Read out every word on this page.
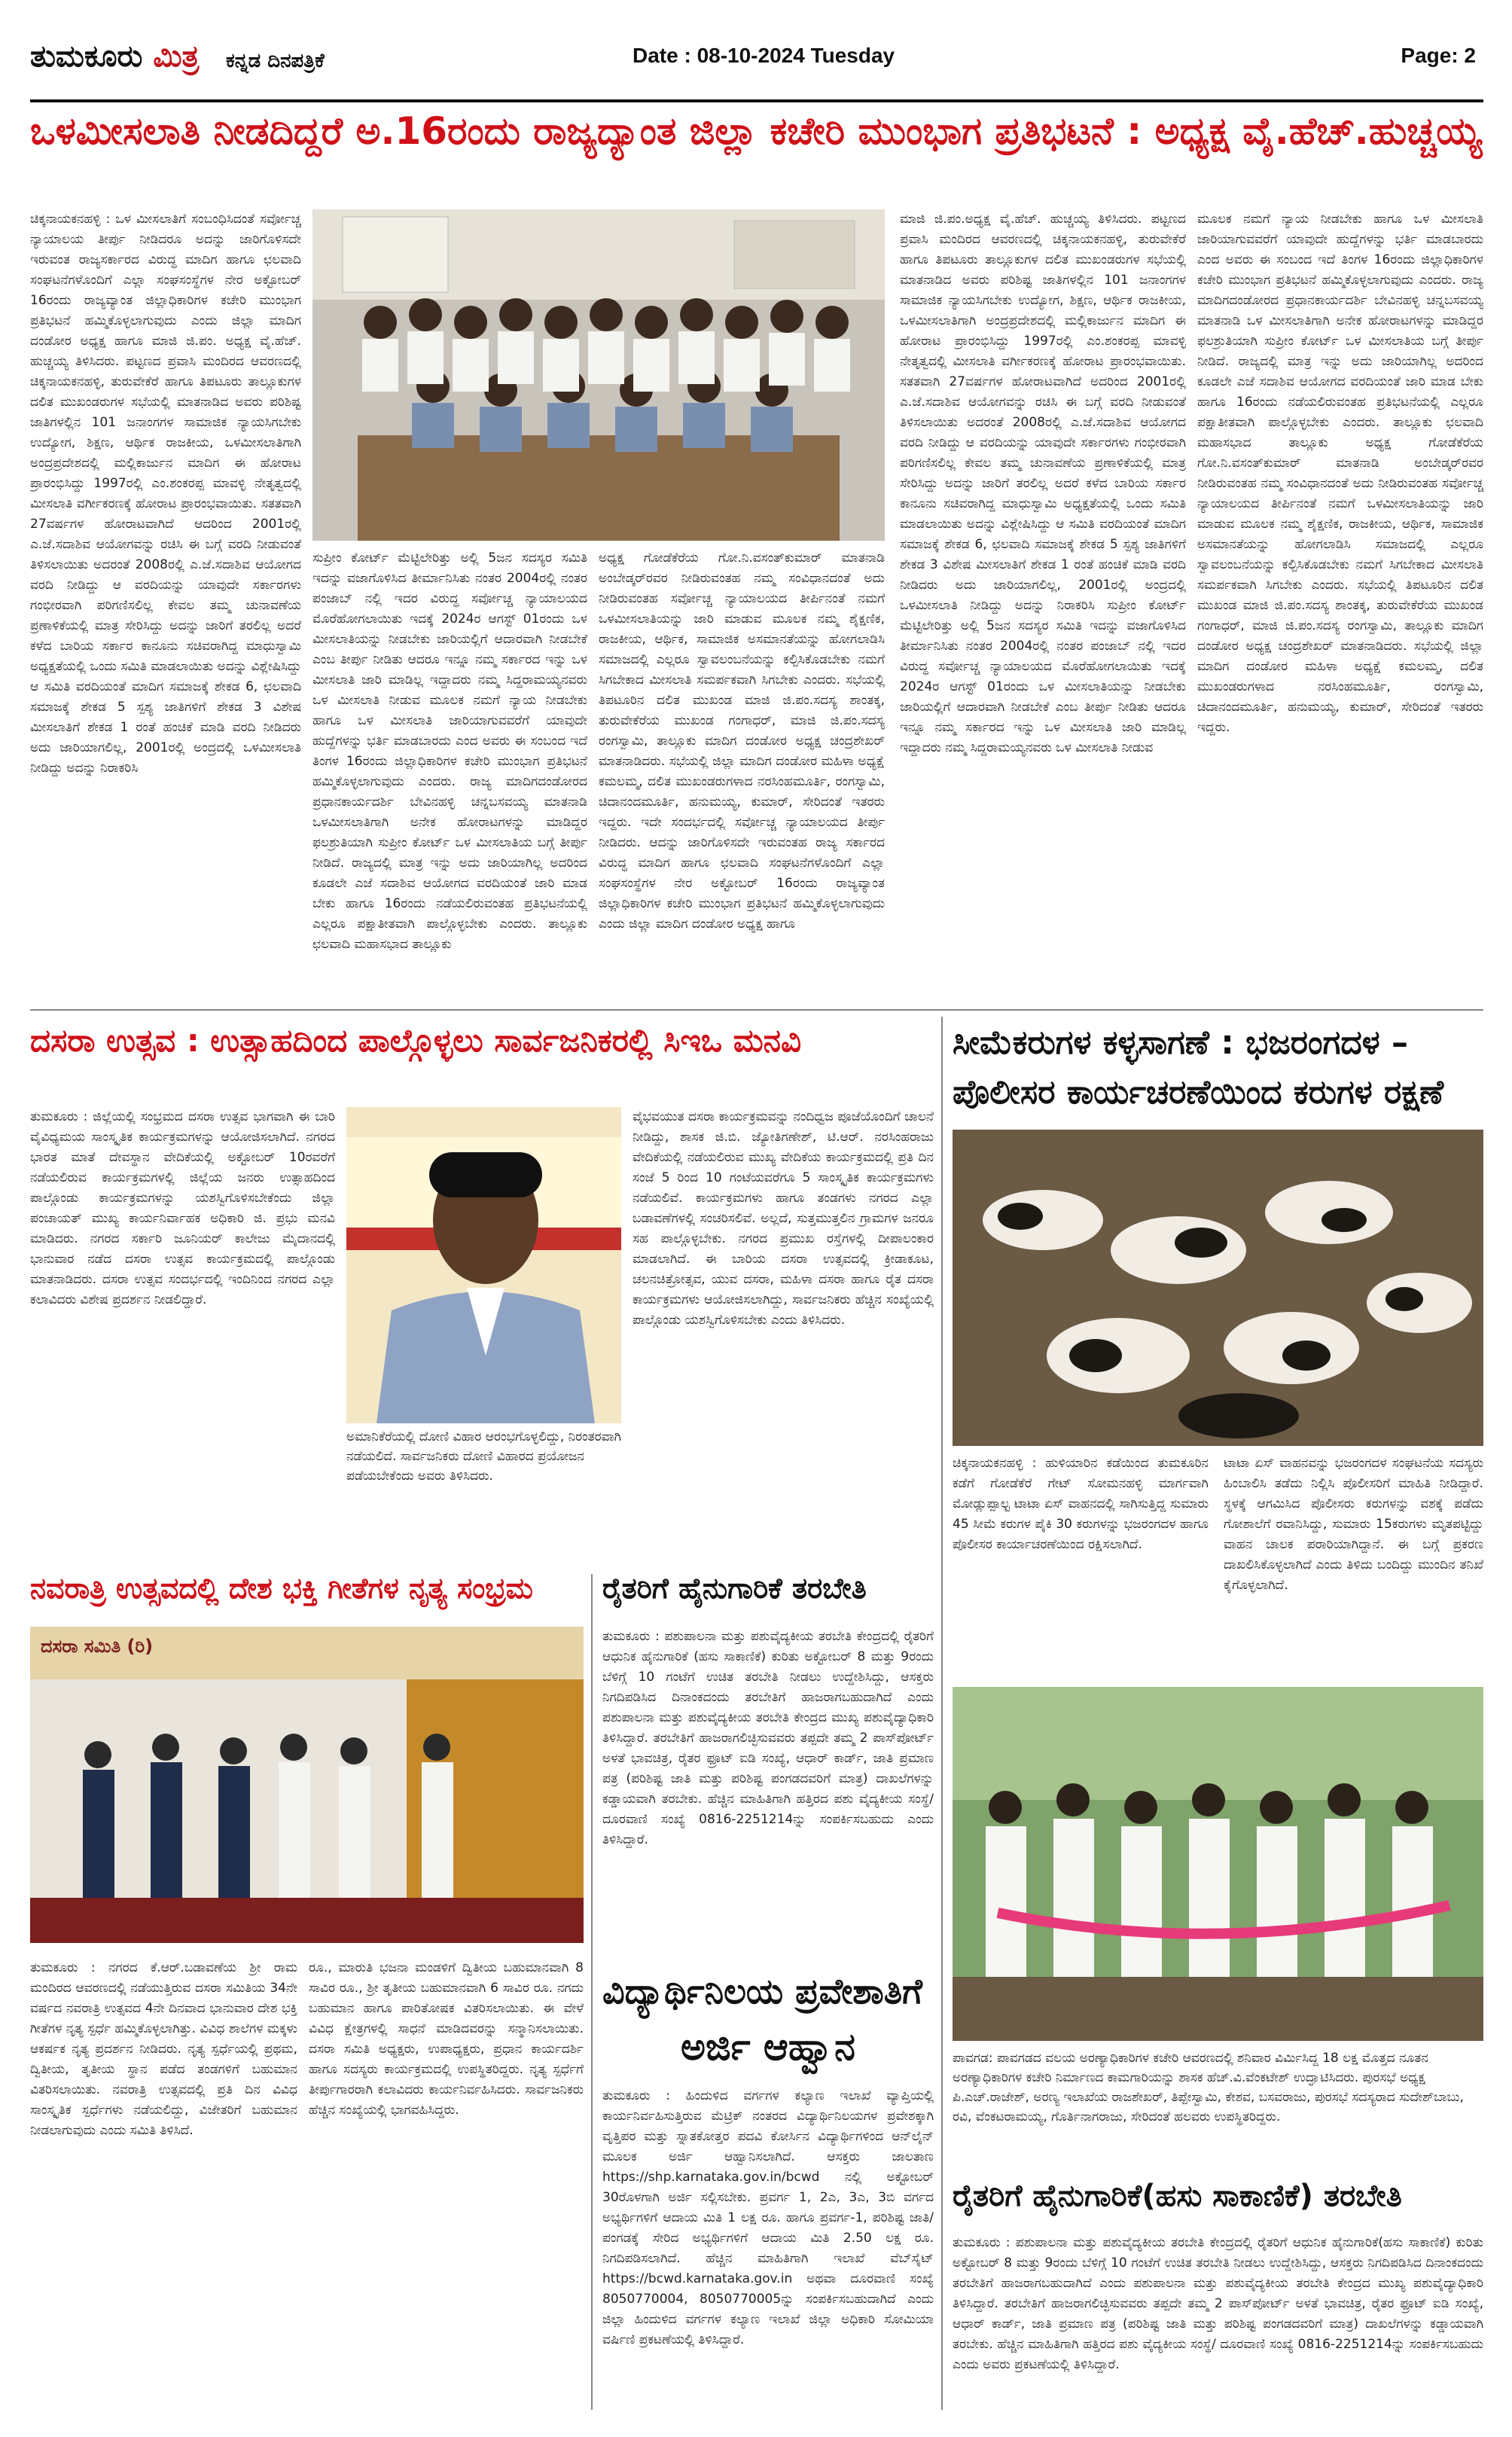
ತುಮಕೂರು ಮಿತ್ರ ಕನ್ನಡ ದಿನಪತ್ರಿಕೆ	Date : 08-10-2024 Tuesday	Page: 2
ಒಳಮೀಸಲಾತಿ ನೀಡದಿದ್ದರೆ ಅ.16ರಂದು ರಾಜ್ಯದ್ಯಾಂತ ಜಿಲ್ಲಾ ಕಚೇರಿ ಮುಂಭಾಗ ಪ್ರತಿಭಟನೆ : ಅಧ್ಯಕ್ಷ ವೈ.ಹೆಚ್.ಹುಚ್ಚಯ್ಯ
ಚಿಕ್ಕನಾಯಕನಹಳ್ಳಿ : ಒಳ ಮೀಸಲಾತಿಗೆ ಸಂಬಂಧಿಸಿದಂತೆ ಸರ್ವೋಚ್ಚ ನ್ಯಾಯಾಲಯ ತೀರ್ಪು ನೀಡಿದರೂ ಅದನ್ನು ಜಾರಿಗೊಳಿಸದೇ ಇರುವಂತ ರಾಜ್ಯಸರ್ಕಾರದ ವಿರುದ್ಧ ಮಾದಿಗ ಹಾಗೂ ಛಲವಾದಿ ಸಂಘಟನೆಗಳೊಂದಿಗೆ ಎಲ್ಲಾ ಸಂಘಸಂಸ್ಥೆಗಳ ನೇರ ಅಕ್ಟೋಬರ್ 16ರಂದು ರಾಜ್ಯವ್ಯಾಂತ ಜಿಲ್ಲಾಧಿಕಾರಿಗಳ ಕಚೇರಿ ಮುಂಭಾಗ ಪ್ರತಿಭಟನೆ ಹಮ್ಮಿಕೊಳ್ಳಲಾಗುವುದು ಎಂದು ಜಿಲ್ಲಾ ಮಾದಿಗ ದಂಡೋರ ಅಧ್ಯಕ್ಷ ಹಾಗೂ ಮಾಜಿ ಜಿ.ಪಂ. ಅಧ್ಯಕ್ಷ ವೈ.ಹೆಚ್. ಹುಚ್ಚಯ್ಯ ತಿಳಿಸಿದರು. ಪಟ್ಟಣದ ಪ್ರವಾಸಿ ಮಂದಿರದ ಆವರಣದಲ್ಲಿ ಚಿಕ್ಕನಾಯಕನಹಳ್ಳಿ, ತುರುವೇಕೆರೆ ಹಾಗೂ ತಿಪಟೂರು ತಾಲ್ಲೂಕುಗಳ ದಲಿತ ಮುಖಂಡರುಗಳ ಸಭೆಯಲ್ಲಿ ಮಾತನಾಡಿದ ಅವರು ಪರಿಶಿಷ್ಟ ಜಾತಿಗಳಲ್ಲಿನ 101 ಜನಾಂಗಗಳ ಸಾಮಾಜಿಕ ನ್ಯಾಯಸಿಗಬೇಕು ಉದ್ಯೋಗ, ಶಿಕ್ಷಣ, ಆರ್ಥಿಕ ರಾಜಕೀಯ, ಒಳಮೀಸಲಾತಿಗಾಗಿ ಅಂದ್ರಪ್ರದೇಶದಲ್ಲಿ ಮಲ್ಲಿಕಾರ್ಜುನ ಮಾದಿಗ ಈ ಹೋರಾಟ ಪ್ರಾರಂಭಿಸಿದ್ದು 1997ರಲ್ಲಿ ಎಂ.ಶಂಕರಪ್ಪ ಮಾವಳ್ಳಿ ನೇತೃತ್ವದಲ್ಲಿ ಮೀಸಲಾತಿ ವರ್ಗೀಕರಣಕ್ಕೆ ಹೋರಾಟ ಪ್ರಾರಂಭವಾಯಿತು. ಸತತವಾಗಿ 27ವರ್ಷಗಳ ಹೋರಾಟವಾಗಿದೆ ಆದರಿಂದ 2001ರಲ್ಲಿ ಎ.ಜೆ.ಸದಾಶಿವ ಆಯೋಗವನ್ನು ರಚಿಸಿ ಈ ಬಗ್ಗೆ ವರದಿ ನೀಡುವಂತೆ ತಿಳಿಸಲಾಯಿತು ಅದರಂತೆ 2008ರಲ್ಲಿ ಎ.ಜೆ.ಸದಾಶಿವ ಆಯೋಗದ ವರದಿ ನೀಡಿದ್ದು ಆ ವರದಿಯನ್ನು ಯಾವುದೇ ಸರ್ಕಾರಗಳು ಗಂಭೀರವಾಗಿ ಪರಿಗಣಿಸಲಿಲ್ಲ ಕೇವಲ ತಮ್ಮ ಚುನಾವಣೆಯ ಪ್ರಣಾಳಿಕೆಯಲ್ಲಿ ಮಾತ್ರ ಸೇರಿಸಿದ್ದು ಅದನ್ನು ಜಾರಿಗೆ ತರಲಿಲ್ಲ ಅದರೆ ಕಳೆದ ಬಾರಿಯ ಸರ್ಕಾರ ಕಾನೂನು ಸಚಿವರಾಗಿದ್ದ ಮಾಧುಸ್ವಾಮಿ ಅಧ್ಯಕ್ಷತೆಯಲ್ಲಿ ಒಂದು ಸಮಿತಿ ಮಾಡಲಾಯಿತು ಅದನ್ನು ವಿಶ್ಲೇಷಿಸಿದ್ದು ಆ ಸಮಿತಿ ವರದಿಯಂತೆ ಮಾದಿಗ ಸಮಾಜಕ್ಕೆ ಶೇಕಡ 6, ಛಲವಾದಿ ಸಮಾಜಕ್ಕೆ ಶೇಕಡ 5 ಸ್ಪಶ್ಯ ಜಾತಿಗಳಿಗೆ ಶೇಕಡ 3 ವಿಶೇಷ ಮೀಸಲಾತಿಗೆ ಶೇಕಡ 1 ರಂತೆ ಹಂಚಿಕೆ ಮಾಡಿ ವರದಿ ನೀಡಿದರು ಅದು ಜಾರಿಯಾಗಲಿಲ್ಲ, 2001ರಲ್ಲಿ ಅಂದ್ರದಲ್ಲಿ ಒಳಮೀಸಲಾತಿ ನೀಡಿದ್ದು ಅದನ್ನು ನಿರಾಕರಿಸಿ
ಸುಪ್ರೀಂ ಕೋರ್ಟ್ ಮೆಟ್ಟಿಲೇರಿತ್ತು ಅಲ್ಲಿ 5ಜನ ಸದಸ್ಯರ ಸಮಿತಿ ಇದನ್ನು ವಜಾಗೊಳಿಸಿದ ತೀರ್ಮಾನಿಸಿತು ನಂತರ 2004ರಲ್ಲಿ ನಂತರ ಪಂಜಾಬ್ ನಲ್ಲಿ ಇದರ ವಿರುದ್ಧ ಸರ್ವೋಚ್ಚ ನ್ಯಾಯಾಲಯದ ಮೊರೆಹೋಗಲಾಯಿತು ಇದಕ್ಕೆ 2024ರ ಆಗಸ್ಟ್ 01ರಂದು ಒಳ ಮೀಸಲಾತಿಯನ್ನು ನೀಡಬೇಕು ಜಾರಿಯಲ್ಲಿಗೆ ಆದಾರವಾಗಿ ನೀಡಬೇಕೆ ಎಂಬ ತೀರ್ಪು ನೀಡಿತು ಆದರೂ ಇನ್ನೂ ನಮ್ಮ ಸರ್ಕಾರದ ಇನ್ನು ಒಳ ಮೀಸಲಾತಿ ಜಾರಿ ಮಾಡಿಲ್ಲ ಇದ್ದಾದರು ನಮ್ಮ ಸಿದ್ದರಾಮಯ್ಯನವರು ಒಳ ಮೀಸಲಾತಿ ನೀಡುವ ಮೂಲಕ ನಮಗೆ ನ್ಯಾಯ ನೀಡಬೇಕು ಹಾಗೂ ಒಳ ಮೀಸಲಾತಿ ಜಾರಿಯಾಗುವವರೆಗೆ ಯಾವುದೇ ಹುದ್ದೆಗಳನ್ನು ಭರ್ತಿ ಮಾಡಬಾರದು ಎಂದ ಅವರು ಈ ಸಂಬಂದ ಇದೆ ತಿಂಗಳ 16ರಂದು ಜಿಲ್ಲಾಧಿಕಾರಿಗಳ ಕಚೇರಿ ಮುಂಭಾಗ ಪ್ರತಿಭಟನೆ ಹಮ್ಮಿಕೊಳ್ಳಲಾಗುವುದು ಎಂದರು. ರಾಜ್ಯ ಮಾದಿಗದಂಡೋರದ ಪ್ರಧಾನಕಾರ್ಯದರ್ಶಿ ಬೇವಿನಹಳ್ಳಿ ಚನ್ನಬಸವಯ್ಯ ಮಾತನಾಡಿ ಒಳಮೀಸಲಾತಿಗಾಗಿ ಅನೇಕ ಹೋರಾಟಗಳನ್ನು ಮಾಡಿದ್ದರ ಫಲಶ್ರುತಿಯಾಗಿ ಸುಪ್ರೀಂ ಕೋರ್ಟ್ ಒಳ ಮೀಸಲಾತಿಯ ಬಗ್ಗೆ ತೀರ್ಪು ನೀಡಿದೆ. ರಾಜ್ಯದಲ್ಲಿ ಮಾತ್ರ ಇನ್ನು ಅದು ಜಾರಿಯಾಗಿಲ್ಲ ಅದರಿಂದ ಕೂಡಲೇ ಎಜೆ ಸದಾಶಿವ ಆಯೋಗದ ವರದಿಯಂತೆ ಜಾರಿ ಮಾಡ ಬೇಕು ಹಾಗೂ 16ರಂದು ನಡೆಯಲಿರುವಂತಹ ಪ್ರತಿಭಟನೆಯಲ್ಲಿ ಎಲ್ಲರೂ ಪಕ್ಷಾತೀತವಾಗಿ ಪಾಲ್ಗೊಳ್ಳಬೇಕು ಎಂದರು. ತಾಲ್ಲೂಕು ಛಲವಾದಿ ಮಹಾಸಭಾದ ತಾಲ್ಲೂಕು
ಅಧ್ಯಕ್ಷ ಗೋಡೆಕೆರೆಯ ಗೋ.ನಿ.ವಸಂತ್‌ಕುಮಾರ್ ಮಾತನಾಡಿ ಅಂಬೇಡ್ಕರ್‌ರವರ ನೀಡಿರುವಂತಹ ನಮ್ಮ ಸಂವಿಧಾನದಂತೆ ಅದು ನೀಡಿರುವಂತಹ ಸರ್ವೋಚ್ಚ ನ್ಯಾಯಾಲಯದ ತೀರ್ಪಿನಂತೆ ನಮಗೆ ಒಳಮೀಸಲಾತಿಯನ್ನು ಜಾರಿ ಮಾಡುವ ಮೂಲಕ ನಮ್ಮ ಶೈಕ್ಷಣಿಕ, ರಾಜಕೀಯ, ಆರ್ಥಿಕ, ಸಾಮಾಜಿಕ ಅಸಮಾನತೆಯನ್ನು ಹೋಗಲಾಡಿಸಿ ಸಮಾಜದಲ್ಲಿ ಎಲ್ಲರೂ ಸ್ವಾವಲಂಬನೆಯನ್ನು ಕಲ್ಪಿಸಿಕೊಡಬೇಕು ನಮಗೆ ಸಿಗಬೇಕಾದ ಮೀಸಲಾತಿ ಸಮರ್ಪಕವಾಗಿ ಸಿಗಬೇಕು ಎಂದರು. ಸಭೆಯಲ್ಲಿ ತಿಪಟೂರಿನ ದಲಿತ ಮುಖಂಡ ಮಾಜಿ ಜಿ.ಪಂ.ಸದಸ್ಯ ಶಾಂತಕ್ಕ, ತುರುವೇಕೆರೆಯ ಮುಖಂಡ ಗಂಗಾಧರ್, ಮಾಜಿ ಜಿ.ಪಂ.ಸದಸ್ಯ ರಂಗಸ್ವಾಮಿ, ತಾಲ್ಲೂಕು ಮಾದಿಗ ದಂಡೋರ ಅಧ್ಯಕ್ಷ ಚಂದ್ರಶೇಖರ್ ಮಾತನಾಡಿದರು. ಸಭೆಯಲ್ಲಿ ಜಿಲ್ಲಾ ಮಾದಿಗ ದಂಡೋರ ಮಹಿಳಾ ಅಧ್ಯಕ್ಷೆ ಕಮಲಮ್ಮ, ದಲಿತ ಮುಖಂಡರುಗಳಾದ ನರಸಿಂಹಮೂರ್ತಿ, ರಂಗಸ್ವಾಮಿ, ಚಿದಾನಂದಮೂರ್ತಿ, ಹನುಮಯ್ಯ, ಕುಮಾರ್, ಸೇರಿದಂತೆ ಇತರರು ಇದ್ದರು. ಇದೇ ಸಂದರ್ಭದಲ್ಲಿ ಸರ್ವೋಚ್ಚ ನ್ಯಾಯಾಲಯದ ತೀರ್ಪು ನೀಡಿದರು. ಆದನ್ನು ಜಾರಿಗೊಳಿಸದೇ ಇರುವಂತಹ ರಾಜ್ಯ ಸರ್ಕಾರದ ವಿರುದ್ಧ ಮಾದಿಗ ಹಾಗೂ ಛಲವಾದಿ ಸಂಘಟನೆಗಳೊಂದಿಗೆ ಎಲ್ಲಾ ಸಂಘಸಂಸ್ಥೆಗಳ ನೇರ ಅಕ್ಟೋಬರ್ 16ರಂದು ರಾಜ್ಯವ್ಯಾಂತ ಜಿಲ್ಲಾಧಿಕಾರಿಗಳ ಕಚೇರಿ ಮುಂಭಾಗ ಪ್ರತಿಭಟನೆ ಹಮ್ಮಿಕೊಳ್ಳಲಾಗುವುದು ಎಂದು ಜಿಲ್ಲಾ ಮಾದಿಗ ದಂಡೋರ ಅಧ್ಯಕ್ಷ ಹಾಗೂ
ಮಾಜಿ ಜಿ.ಪಂ.ಅಧ್ಯಕ್ಷ ವೈ.ಹೆಚ್. ಹುಚ್ಚಯ್ಯ ತಿಳಿಸಿದರು. ಪಟ್ಟಣದ ಪ್ರವಾಸಿ ಮಂದಿರದ ಆವರಣದಲ್ಲಿ ಚಿಕ್ಕನಾಯಕನಹಳ್ಳಿ, ತುರುವೇಕೆರೆ ಹಾಗೂ ತಿಪಟೂರು ತಾಲ್ಲೂಕುಗಳ ದಲಿತ ಮುಖಂಡರುಗಳ ಸಭೆಯಲ್ಲಿ ಮಾತನಾಡಿದ ಅವರು ಪರಿಶಿಷ್ಟ ಜಾತಿಗಳಲ್ಲಿನ 101 ಜನಾಂಗಗಳ ಸಾಮಾಜಿಕ ನ್ಯಾಯಸಿಗಬೇಕು ಉದ್ಯೋಗ, ಶಿಕ್ಷಣ, ಆರ್ಥಿಕ ರಾಜಕೀಯ, ಒಳಮೀಸಲಾತಿಗಾಗಿ ಅಂದ್ರಪ್ರದೇಶದಲ್ಲಿ ಮಲ್ಲಿಕಾರ್ಜುನ ಮಾದಿಗ ಈ ಹೋರಾಟ ಪ್ರಾರಂಭಿಸಿದ್ದು 1997ರಲ್ಲಿ ಎಂ.ಶಂಕರಪ್ಪ ಮಾವಳ್ಳಿ ನೇತೃತ್ವದಲ್ಲಿ ಮೀಸಲಾತಿ ವರ್ಗೀಕರಣಕ್ಕೆ ಹೋರಾಟ ಪ್ರಾರಂಭವಾಯಿತು. ಸತತವಾಗಿ 27ವರ್ಷಗಳ ಹೋರಾಟವಾಗಿದೆ ಅದರಿಂದ 2001ರಲ್ಲಿ ಎ.ಜೆ.ಸದಾಶಿವ ಆಯೋಗವನ್ನು ರಚಿಸಿ ಈ ಬಗ್ಗೆ ವರದಿ ನೀಡುವಂತೆ ತಿಳಿಸಲಾಯಿತು ಅದರಂತೆ 2008ರಲ್ಲಿ ಎ.ಜೆ.ಸದಾಶಿವ ಆಯೋಗದ ವರದಿ ನೀಡಿದ್ದು ಆ ವರದಿಯನ್ನು ಯಾವುದೇ ಸರ್ಕಾರಗಳು ಗಂಭೀರವಾಗಿ ಪರಿಗಣಿಸಲಿಲ್ಲ ಕೇವಲ ತಮ್ಮ ಚುನಾವಣೆಯ ಪ್ರಣಾಳಿಕೆಯಲ್ಲಿ ಮಾತ್ರ ಸೇರಿಸಿದ್ದು ಅದನ್ನು ಜಾರಿಗೆ ತರಲಿಲ್ಲ ಅದರೆ ಕಳೆದ ಬಾರಿಯ ಸರ್ಕಾರ ಕಾನೂನು ಸಚಿವರಾಗಿದ್ದ ಮಾಧುಸ್ವಾಮಿ ಅಧ್ಯಕ್ಷತೆಯಲ್ಲಿ ಒಂದು ಸಮಿತಿ ಮಾಡಲಾಯಿತು ಅದನ್ನು ವಿಶ್ಲೇಷಿಸಿದ್ದು ಆ ಸಮಿತಿ ವರದಿಯಂತೆ ಮಾದಿಗ ಸಮಾಜಕ್ಕೆ ಶೇಕಡ 6, ಛಲವಾದಿ ಸಮಾಜಕ್ಕೆ ಶೇಕಡ 5 ಸ್ಪಶ್ಯ ಜಾತಿಗಳಿಗೆ ಶೇಕಡ 3 ವಿಶೇಷ ಮೀಸಲಾತಿಗೆ ಶೇಕಡ 1 ರಂತೆ ಹಂಚಿಕೆ ಮಾಡಿ ವರದಿ ನೀಡಿದರು ಅದು ಜಾರಿಯಾಗಲಿಲ್ಲ, 2001ರಲ್ಲಿ ಅಂದ್ರದಲ್ಲಿ ಒಳಮೀಸಲಾತಿ ನೀಡಿದ್ದು ಅದನ್ನು ನಿರಾಕರಿಸಿ ಸುಪ್ರೀಂ ಕೋರ್ಟ್ ಮೆಟ್ಟಿಲೇರಿತ್ತು ಅಲ್ಲಿ 5ಜನ ಸದಸ್ಯರ ಸಮಿತಿ ಇದನ್ನು ವಜಾಗೊಳಿಸಿದ ತೀರ್ಮಾನಿಸಿತು ನಂತರ 2004ರಲ್ಲಿ ನಂತರ ಪಂಜಾಬ್ ನಲ್ಲಿ ಇದರ ವಿರುದ್ಧ ಸರ್ವೋಚ್ಚ ನ್ಯಾಯಾಲಯದ ಮೊರೆಹೋಗಲಾಯಿತು ಇದಕ್ಕೆ 2024ರ ಆಗಸ್ಟ್ 01ರಂದು ಒಳ ಮೀಸಲಾತಿಯನ್ನು ನೀಡಬೇಕು ಜಾರಿಯಲ್ಲಿಗೆ ಆದಾರವಾಗಿ ನೀಡಬೇಕೆ ಎಂಬ ತೀರ್ಪು ನೀಡಿತು ಆದರೂ ಇನ್ನೂ ನಮ್ಮ ಸರ್ಕಾರದ ಇನ್ನು ಒಳ ಮೀಸಲಾತಿ ಜಾರಿ ಮಾಡಿಲ್ಲ ಇದ್ದಾದರು ನಮ್ಮ ಸಿದ್ದರಾಮಯ್ಯನವರು ಒಳ ಮೀಸಲಾತಿ ನೀಡುವ
ಮೂಲಕ ನಮಗೆ ನ್ಯಾಯ ನೀಡಬೇಕು ಹಾಗೂ ಒಳ ಮೀಸಲಾತಿ ಜಾರಿಯಾಗುವವರೆಗೆ ಯಾವುದೇ ಹುದ್ದೆಗಳನ್ನು ಭರ್ತಿ ಮಾಡಬಾರದು ಎಂದ ಅವರು ಈ ಸಂಬಂದ ಇದೆ ತಿಂಗಳ 16ರಂದು ಜಿಲ್ಲಾಧಿಕಾರಿಗಳ ಕಚೇರಿ ಮುಂಭಾಗ ಪ್ರತಿಭಟನೆ ಹಮ್ಮಿಕೊಳ್ಳಲಾಗುವುದು ಎಂದರು. ರಾಜ್ಯ ಮಾದಿಗದಂಡೋರದ ಪ್ರಧಾನಕಾರ್ಯದರ್ಶಿ ಬೇವಿನಹಳ್ಳಿ ಚನ್ನಬಸವಯ್ಯ ಮಾತನಾಡಿ ಒಳ ಮೀಸಲಾತಿಗಾಗಿ ಅನೇಕ ಹೋರಾಟಗಳನ್ನು ಮಾಡಿದ್ದರ ಫಲಶ್ರುತಿಯಾಗಿ ಸುಪ್ರೀಂ ಕೋರ್ಟ್ ಒಳ ಮೀಸಲಾತಿಯ ಬಗ್ಗೆ ತೀರ್ಪು ನೀಡಿದೆ. ರಾಜ್ಯದಲ್ಲಿ ಮಾತ್ರ ಇನ್ನು ಅದು ಜಾರಿಯಾಗಿಲ್ಲ ಅದರಿಂದ ಕೂಡಲೇ ಎಜೆ ಸದಾಶಿವ ಆಯೋಗದ ವರದಿಯಂತೆ ಜಾರಿ ಮಾಡ ಬೇಕು ಹಾಗೂ 16ರಂದು ನಡೆಯಲಿರುವಂತಹ ಪ್ರತಿಭಟನೆಯಲ್ಲಿ ಎಲ್ಲರೂ ಪಕ್ಷಾತೀತವಾಗಿ ಪಾಲ್ಗೊಳ್ಳಬೇಕು ಎಂದರು. ತಾಲ್ಲೂಕು ಛಲವಾದಿ ಮಹಾಸಭಾದ ತಾಲ್ಲೂಕು ಅಧ್ಯಕ್ಷ ಗೋಡೆಕೆರೆಯ ಗೋ.ನಿ.ವಸಂತ್‌ಕುಮಾರ್ ಮಾತನಾಡಿ ಅಂಬೇಡ್ಕರ್‌ರವರ ನೀಡಿರುವಂತಹ ನಮ್ಮ ಸಂವಿಧಾನದಂತೆ ಅದು ನೀಡಿರುವಂತಹ ಸರ್ವೋಚ್ಚ ನ್ಯಾಯಾಲಯದ ತೀರ್ಪಿನಂತೆ ನಮಗೆ ಒಳಮೀಸಲಾತಿಯನ್ನು ಜಾರಿ ಮಾಡುವ ಮೂಲಕ ನಮ್ಮ ಶೈಕ್ಷಣಿಕ, ರಾಜಕೀಯ, ಆರ್ಥಿಕ, ಸಾಮಾಜಿಕ ಅಸಮಾನತೆಯನ್ನು ಹೋಗಲಾಡಿಸಿ ಸಮಾಜದಲ್ಲಿ ಎಲ್ಲರೂ ಸ್ವಾವಲಂಬನೆಯನ್ನು ಕಲ್ಪಿಸಿಕೊಡಬೇಕು ನಮಗೆ ಸಿಗಬೇಕಾದ ಮೀಸಲಾತಿ ಸಮರ್ಪಕವಾಗಿ ಸಿಗಬೇಕು ಎಂದರು. ಸಭೆಯಲ್ಲಿ ತಿಪಟೂರಿನ ದಲಿತ ಮುಖಂಡ ಮಾಜಿ ಜಿ.ಪಂ.ಸದಸ್ಯ ಶಾಂತಕ್ಕ, ತುರುವೇಕೆರೆಯ ಮುಖಂಡ ಗಂಗಾಧರ್, ಮಾಜಿ ಜಿ.ಪಂ.ಸದಸ್ಯ ರಂಗಸ್ವಾಮಿ, ತಾಲ್ಲೂಕು ಮಾದಿಗ ದಂಡೋರ ಅಧ್ಯಕ್ಷ ಚಂದ್ರಶೇಖರ್ ಮಾತನಾಡಿದರು. ಸಭೆಯಲ್ಲಿ ಜಿಲ್ಲಾ ಮಾದಿಗ ದಂಡೋರ ಮಹಿಳಾ ಅಧ್ಯಕ್ಷೆ ಕಮಲಮ್ಮ, ದಲಿತ ಮುಖಂಡರುಗಳಾದ ನರಸಿಂಹಮೂರ್ತಿ, ರಂಗಸ್ವಾಮಿ, ಚಿದಾನಂದಮೂರ್ತಿ, ಹನುಮಯ್ಯ, ಕುಮಾರ್, ಸೇರಿದಂತೆ ಇತರರು ಇದ್ದರು.
ದಸರಾ ಉತ್ಸವ : ಉತ್ಸಾಹದಿಂದ ಪಾಲ್ಗೊಳ್ಳಲು ಸಾರ್ವಜನಿಕರಲ್ಲಿ ಸಿಇಒ ಮನವಿ
ತುಮಕೂರು : ಜಿಲ್ಲೆಯಲ್ಲಿ ಸಂಭ್ರಮದ ದಸರಾ ಉತ್ಸವ ಭಾಗವಾಗಿ ಈ ಬಾರಿ ವೈವಿಧ್ಯಮಯ ಸಾಂಸ್ಕೃತಿಕ ಕಾರ್ಯಕ್ರಮಗಳನ್ನು ಆಯೋಜಿಸಲಾಗಿದೆ. ನಗರದ ಭಾರತ ಮಾತೆ ದೇವಸ್ಥಾನ ವೇದಿಕೆಯಲ್ಲಿ ಅಕ್ಟೋಬರ್ 10ರವರೆಗೆ ನಡೆಯಲಿರುವ ಕಾರ್ಯಕ್ರಮಗಳಲ್ಲಿ ಜಿಲ್ಲೆಯ ಜನರು ಉತ್ಸಾಹದಿಂದ ಪಾಲ್ಗೊಂಡು ಕಾರ್ಯಕ್ರಮಗಳನ್ನು ಯಶಸ್ವಿಗೊಳಿಸಬೇಕೆಂದು ಜಿಲ್ಲಾ ಪಂಚಾಯತ್ ಮುಖ್ಯ ಕಾರ್ಯನಿರ್ವಾಹಕ ಅಧಿಕಾರಿ ಜಿ. ಪ್ರಭು ಮನವಿ ಮಾಡಿದರು. ನಗರದ ಸರ್ಕಾರಿ ಜೂನಿಯರ್ ಕಾಲೇಜು ಮೈದಾನದಲ್ಲಿ ಭಾನುವಾರ ನಡೆದ ದಸರಾ ಉತ್ಸವ ಕಾರ್ಯಕ್ರಮದಲ್ಲಿ ಪಾಲ್ಗೊಂಡು ಮಾತನಾಡಿದರು. ದಸರಾ ಉತ್ಸವ ಸಂದರ್ಭದಲ್ಲಿ ಇಂದಿನಿಂದ ನಗರದ ಎಲ್ಲಾ ಕಲಾವಿದರು ವಿಶೇಷ ಪ್ರದರ್ಶನ ನೀಡಲಿದ್ದಾರೆ.
ಅಮಾನಿಕೆರೆಯಲ್ಲಿ ದೋಣಿ ವಿಹಾರ ಆರಂಭಗೊಳ್ಳಲಿದ್ದು, ನಿರಂತರವಾಗಿ ನಡೆಯಲಿದೆ. ಸಾರ್ವಜನಿಕರು ದೋಣಿ ವಿಹಾರದ ಪ್ರಯೋಜನ ಪಡೆಯಬೇಕೆಂದು ಅವರು ತಿಳಿಸಿದರು.
ವೈಭವಯುತ ದಸರಾ ಕಾರ್ಯಕ್ರಮವನ್ನು ನಂದಿಧ್ವಜ ಪೂಜೆಯೊಂದಿಗೆ ಚಾಲನೆ ನೀಡಿದ್ದು, ಶಾಸಕ ಜಿ.ಬಿ. ಜ್ಯೋತಿಗಣೇಶ್, ಟಿ.ಆರ್. ನರಸಿಂಹರಾಜು ವೇದಿಕೆಯಲ್ಲಿ ನಡೆಯಲಿರುವ ಮುಖ್ಯ ವೇದಿಕೆಯ ಕಾರ್ಯಕ್ರಮದಲ್ಲಿ ಪ್ರತಿ ದಿನ ಸಂಜೆ 5 ರಿಂದ 10 ಗಂಟೆಯವರೆಗೂ 5 ಸಾಂಸ್ಕೃತಿಕ ಕಾರ್ಯಕ್ರಮಗಳು ನಡೆಯಲಿವೆ. ಕಾರ್ಯಕ್ರಮಗಳು ಹಾಗೂ ತಂಡಗಳು ನಗರದ ಎಲ್ಲಾ ಬಡಾವಣೆಗಳಲ್ಲಿ ಸಂಚರಿಸಲಿವೆ. ಅಲ್ಲದೆ, ಸುತ್ತಮುತ್ತಲಿನ ಗ್ರಾಮಗಳ ಜನರೂ ಸಹ ಪಾಲ್ಗೊಳ್ಳಬೇಕು. ನಗರದ ಪ್ರಮುಖ ರಸ್ತೆಗಳಲ್ಲಿ ದೀಪಾಲಂಕಾರ ಮಾಡಲಾಗಿದೆ. ಈ ಬಾರಿಯ ದಸರಾ ಉತ್ಸವದಲ್ಲಿ ಕ್ರೀಡಾಕೂಟ, ಚಲನಚಿತ್ರೋತ್ಸವ, ಯುವ ದಸರಾ, ಮಹಿಳಾ ದಸರಾ ಹಾಗೂ ರೈತ ದಸರಾ ಕಾರ್ಯಕ್ರಮಗಳು ಆಯೋಜಿಸಲಾಗಿದ್ದು, ಸಾರ್ವಜನಿಕರು ಹೆಚ್ಚಿನ ಸಂಖ್ಯೆಯಲ್ಲಿ ಪಾಲ್ಗೊಂಡು ಯಶಸ್ವಿಗೊಳಿಸಬೇಕು ಎಂದು ತಿಳಿಸಿದರು.
ಸೀಮೆಕರುಗಳ ಕಳ್ಳಸಾಗಣೆ : ಭಜರಂಗದಳ –
ಪೊಲೀಸರ ಕಾರ್ಯಚರಣೆಯಿಂದ ಕರುಗಳ ರಕ್ಷಣೆ
ಚಿಕ್ಕನಾಯಕನಹಳ್ಳಿ : ಹುಳಿಯಾರಿನ ಕಡೆಯಿಂದ ತುಮಕೂರಿನ ಕಡೆಗೆ ಗೋಡೆಕೆರೆ ಗೇಟ್ ಸೋಮನಹಳ್ಳಿ ಮಾರ್ಗವಾಗಿ ಮೋಡ್ಲುಪ್ಪಾಲ್ಟ ಟಾಟಾ ಏಸ್ ವಾಹನದಲ್ಲಿ ಸಾಗಿಸುತ್ತಿದ್ದ ಸುಮಾರು 45 ಸೀಮೆ ಕರುಗಳ ಪೈಕಿ 30 ಕರುಗಳನ್ನು ಭಜರಂಗದಳ ಹಾಗೂ ಪೊಲೀಸರ ಕಾರ್ಯಾಚರಣೆಯಿಂದ ರಕ್ಷಿಸಲಾಗಿದೆ.
ಟಾಟಾ ಏಸ್ ವಾಹನವನ್ನು ಭಜರಂಗದಳ ಸಂಘಟನೆಯ ಸದಸ್ಯರು ಹಿಂಬಾಲಿಸಿ ತಡೆದು ನಿಲ್ಲಿಸಿ ಪೊಲೀಸರಿಗೆ ಮಾಹಿತಿ ನೀಡಿದ್ದಾರೆ. ಸ್ಥಳಕ್ಕೆ ಆಗಮಿಸಿದ ಪೊಲೀಸರು ಕರುಗಳನ್ನು ವಶಕ್ಕೆ ಪಡೆದು ಗೋಶಾಲೆಗೆ ರವಾನಿಸಿದ್ದು, ಸುಮಾರು 15ಕರುಗಳು ಮೃತಪಟ್ಟಿದ್ದು ವಾಹನ ಚಾಲಕ ಪರಾರಿಯಾಗಿದ್ದಾನೆ. ಈ ಬಗ್ಗೆ ಪ್ರಕರಣ ದಾಖಲಿಸಿಕೊಳ್ಳಲಾಗಿದೆ ಎಂದು ತಿಳಿದು ಬಂದಿದ್ದು ಮುಂದಿನ ತನಿಖೆ ಕೈಗೊಳ್ಳಲಾಗಿದೆ.
ನವರಾತ್ರಿ ಉತ್ಸವದಲ್ಲಿ ದೇಶ ಭಕ್ತಿ ಗೀತೆಗಳ ನೃತ್ಯ ಸಂಭ್ರಮ
ದಸರಾ ಸಮಿತಿ (ರಿ)
ತುಮಕೂರು : ನಗರದ ಕೆ.ಆರ್.ಬಡಾವಣೆಯ ಶ್ರೀ ರಾಮ ಮಂದಿರದ ಆವರಣದಲ್ಲಿ ನಡೆಯುತ್ತಿರುವ ದಸರಾ ಸಮಿತಿಯ 34ನೇ ವರ್ಷದ ನವರಾತ್ರಿ ಉತ್ಸವದ 4ನೇ ದಿನವಾದ ಭಾನುವಾರ ದೇಶ ಭಕ್ತಿ ಗೀತೆಗಳ ನೃತ್ಯ ಸ್ಪರ್ಧೆ ಹಮ್ಮಿಕೊಳ್ಳಲಾಗಿತ್ತು. ವಿವಿಧ ಶಾಲೆಗಳ ಮಕ್ಕಳು ಆಕರ್ಷಕ ನೃತ್ಯ ಪ್ರದರ್ಶನ ನೀಡಿದರು. ನೃತ್ಯ ಸ್ಪರ್ಧೆಯಲ್ಲಿ ಪ್ರಥಮ, ದ್ವಿತೀಯ, ತೃತೀಯ ಸ್ಥಾನ ಪಡೆದ ತಂಡಗಳಿಗೆ ಬಹುಮಾನ ವಿತರಿಸಲಾಯಿತು. ನವರಾತ್ರಿ ಉತ್ಸವದಲ್ಲಿ ಪ್ರತಿ ದಿನ ವಿವಿಧ ಸಾಂಸ್ಕೃತಿಕ ಸ್ಪರ್ಧೆಗಳು ನಡೆಯಲಿದ್ದು, ವಿಜೇತರಿಗೆ ಬಹುಮಾನ ನೀಡಲಾಗುವುದು ಎಂದು ಸಮಿತಿ ತಿಳಿಸಿದೆ.
ರೂ., ಮಾರುತಿ ಭಜನಾ ಮಂಡಳಿಗೆ ದ್ವಿತೀಯ ಬಹುಮಾನವಾಗಿ 8 ಸಾವಿರ ರೂ., ಶ್ರೀ ತೃತೀಯ ಬಹುಮಾನವಾಗಿ 6 ಸಾವಿರ ರೂ. ನಗದು ಬಹುಮಾನ ಹಾಗೂ ಪಾರಿತೋಷಕ ವಿತರಿಸಲಾಯಿತು. ಈ ವೇಳೆ ವಿವಿಧ ಕ್ಷೇತ್ರಗಳಲ್ಲಿ ಸಾಧನೆ ಮಾಡಿದವರನ್ನು ಸನ್ಮಾನಿಸಲಾಯಿತು. ದಸರಾ ಸಮಿತಿ ಅಧ್ಯಕ್ಷರು, ಉಪಾಧ್ಯಕ್ಷರು, ಪ್ರಧಾನ ಕಾರ್ಯದರ್ಶಿ ಹಾಗೂ ಸದಸ್ಯರು ಕಾರ್ಯಕ್ರಮದಲ್ಲಿ ಉಪಸ್ಥಿತರಿದ್ದರು. ನೃತ್ಯ ಸ್ಪರ್ಧೆಗೆ ತೀರ್ಪುಗಾರರಾಗಿ ಕಲಾವಿದರು ಕಾರ್ಯನಿರ್ವಹಿಸಿದರು. ಸಾರ್ವಜನಿಕರು ಹೆಚ್ಚಿನ ಸಂಖ್ಯೆಯಲ್ಲಿ ಭಾಗವಹಿಸಿದ್ದರು.
ರೈತರಿಗೆ ಹೈನುಗಾರಿಕೆ ತರಬೇತಿ
ತುಮಕೂರು : ಪಶುಪಾಲನಾ ಮತ್ತು ಪಶುವೈದ್ಯಕೀಯ ತರಬೇತಿ ಕೇಂದ್ರದಲ್ಲಿ ರೈತರಿಗೆ ಆಧುನಿಕ ಹೈನುಗಾರಿಕೆ (ಹಸು ಸಾಕಾಣಿಕೆ) ಕುರಿತು ಅಕ್ಟೋಬರ್ 8 ಮತ್ತು 9ರಂದು ಬೆಳಿಗ್ಗೆ 10 ಗಂಟೆಗೆ ಉಚಿತ ತರಬೇತಿ ನೀಡಲು ಉದ್ದೇಶಿಸಿದ್ದು, ಆಸಕ್ತರು ನಿಗದಿಪಡಿಸಿದ ದಿನಾಂಕದಂದು ತರಬೇತಿಗೆ ಹಾಜರಾಗಬಹುದಾಗಿದೆ ಎಂದು ಪಶುಪಾಲನಾ ಮತ್ತು ಪಶುವೈದ್ಯಕೀಯ ತರಬೇತಿ ಕೇಂದ್ರದ ಮುಖ್ಯ ಪಶುವೈದ್ಯಾಧಿಕಾರಿ ತಿಳಿಸಿದ್ದಾರೆ. ತರಬೇತಿಗೆ ಹಾಜರಾಗಲಿಚ್ಛಿಸುವವರು ತಪ್ಪದೇ ತಮ್ಮ 2 ಪಾಸ್‌ಪೋರ್ಟ್ ಅಳತೆ ಭಾವಚಿತ್ರ, ರೈತರ ಫ್ರೂಟ್ ಐಡಿ ಸಂಖ್ಯೆ, ಆಧಾರ್ ಕಾರ್ಡ್, ಜಾತಿ ಪ್ರಮಾಣ ಪತ್ರ (ಪರಿಶಿಷ್ಟ ಜಾತಿ ಮತ್ತು ಪರಿಶಿಷ್ಟ ಪಂಗಡದವರಿಗೆ ಮಾತ್ರ) ದಾಖಲೆಗಳನ್ನು ಕಡ್ಡಾಯವಾಗಿ ತರಬೇಕು. ಹೆಚ್ಚಿನ ಮಾಹಿತಿಗಾಗಿ ಹತ್ತಿರದ ಪಶು ವೈದ್ಯಕೀಯ ಸಂಸ್ಥೆ/ ದೂರವಾಣಿ ಸಂಖ್ಯೆ 0816-2251214ನ್ನು ಸಂಪರ್ಕಿಸಬಹುದು ಎಂದು ತಿಳಿಸಿದ್ದಾರೆ.
ವಿದ್ಯಾರ್ಥಿನಿಲಯ ಪ್ರವೇಶಾತಿಗೆ
ಅರ್ಜಿ ಆಹ್ವಾನ
ತುಮಕೂರು : ಹಿಂದುಳಿದ ವರ್ಗಗಳ ಕಲ್ಯಾಣ ಇಲಾಖೆ ವ್ಯಾಪ್ತಿಯಲ್ಲಿ ಕಾರ್ಯನಿರ್ವಹಿಸುತ್ತಿರುವ ಮೆಟ್ರಿಕ್ ನಂತರದ ವಿದ್ಯಾರ್ಥಿನಿಲಯಗಳ ಪ್ರವೇಶಕ್ಕಾಗಿ ವೃತ್ತಿಪರ ಮತ್ತು ಸ್ನಾತಕೋತ್ತರ ಪದವಿ ಕೋರ್ಸಿನ ವಿದ್ಯಾರ್ಥಿಗಳಿಂದ ಆನ್‌ಲೈನ್ ಮೂಲಕ ಅರ್ಜಿ ಆಹ್ವಾನಿಸಲಾಗಿದೆ. ಆಸಕ್ತರು ಜಾಲತಾಣ https://shp.karnataka.gov.in/bcwd ನಲ್ಲಿ ಅಕ್ಟೋಬರ್ 30ರೊಳಗಾಗಿ ಅರ್ಜಿ ಸಲ್ಲಿಸಬೇಕು. ಪ್ರವರ್ಗ 1, 2ಎ, 3ಎ, 3ಬಿ ವರ್ಗದ ಅಭ್ಯರ್ಥಿಗಳಿಗೆ ಆದಾಯ ಮಿತಿ 1 ಲಕ್ಷ ರೂ. ಹಾಗೂ ಪ್ರವರ್ಗ-1, ಪರಿಶಿಷ್ಟ ಜಾತಿ/ಪಂಗಡಕ್ಕೆ ಸೇರಿದ ಅಭ್ಯರ್ಥಿಗಳಿಗೆ ಆದಾಯ ಮಿತಿ 2.50 ಲಕ್ಷ ರೂ. ನಿಗದಿಪಡಿಸಲಾಗಿದೆ. ಹೆಚ್ಚಿನ ಮಾಹಿತಿಗಾಗಿ ಇಲಾಖೆ ವೆಬ್‌ಸೈಟ್ https://bcwd.karnataka.gov.in ಅಥವಾ ದೂರವಾಣಿ ಸಂಖ್ಯೆ 8050770004, 8050770005ನ್ನು ಸಂಪರ್ಕಿಸಬಹುದಾಗಿದೆ ಎಂದು ಜಿಲ್ಲಾ ಹಿಂದುಳಿದ ವರ್ಗಗಳ ಕಲ್ಯಾಣ ಇಲಾಖೆ ಜಿಲ್ಲಾ ಅಧಿಕಾರಿ ಸೋಮಿಯಾ ವರ್ಷಿಣಿ ಪ್ರಕಟಣೆಯಲ್ಲಿ ತಿಳಿಸಿದ್ದಾರೆ.
ಪಾವಗಡ: ಪಾವಗಡದ ವಲಯ ಅರಣ್ಯಾಧಿಕಾರಿಗಳ ಕಚೇರಿ ಆವರಣದಲ್ಲಿ ಶನಿವಾರ ವಿರ್ಮಿಸಿದ್ದ 18 ಲಕ್ಷ ಮೊತ್ತದ ನೂತನ ಅರಣ್ಯಾಧಿಕಾರಿಗಳ ಕಚೇರಿ ನಿರ್ಮಾಣದ ಕಾಮಗಾರಿಯನ್ನು ಶಾಸಕ ಹೆಚ್.ವಿ.ವೆಂಕಟೇಶ್ ಉದ್ಘಾಟಿಸಿದರು. ಪುರಸಭೆ ಅಧ್ಯಕ್ಷ ಪಿ.ಎಚ್.ರಾಜೇಶ್, ಅರಣ್ಯ ಇಲಾಖೆಯ ರಾಜಶೇಖರ್, ತಿಪ್ಪೇಸ್ವಾಮಿ, ಕೇಶವ, ಬಸವರಾಜು, ಪುರಸಭೆ ಸದಸ್ಯರಾದ ಸುದೇಶ್‌ಬಾಬು, ರವಿ, ವೆಂಕಟರಾಮಯ್ಯ, ಗೊರ್ತಿನಾಗರಾಜು, ಸೇರಿದಂತೆ ಹಲವರು ಉಪಸ್ಥಿತರಿದ್ದರು.
ರೈತರಿಗೆ ಹೈನುಗಾರಿಕೆ(ಹಸು ಸಾಕಾಣಿಕೆ) ತರಬೇತಿ
ತುಮಕೂರು : ಪಶುಪಾಲನಾ ಮತ್ತು ಪಶುವೈದ್ಯಕೀಯ ತರಬೇತಿ ಕೇಂದ್ರದಲ್ಲಿ ರೈತರಿಗೆ ಆಧುನಿಕ ಹೈನುಗಾರಿಕೆ(ಹಸು ಸಾಕಾಣಿಕೆ) ಕುರಿತು ಅಕ್ಟೋಬರ್ 8 ಮತ್ತು 9ರಂದು ಬೆಳಿಗ್ಗೆ 10 ಗಂಟೆಗೆ ಉಚಿತ ತರಬೇತಿ ನೀಡಲು ಉದ್ದೇಶಿಸಿದ್ದು, ಆಸಕ್ತರು ನಿಗದಿಪಡಿಸಿದ ದಿನಾಂಕದಂದು ತರಬೇತಿಗೆ ಹಾಜರಾಗಬಹುದಾಗಿದೆ ಎಂದು ಪಶುಪಾಲನಾ ಮತ್ತು ಪಶುವೈದ್ಯಕೀಯ ತರಬೇತಿ ಕೇಂದ್ರದ ಮುಖ್ಯ ಪಶುವೈದ್ಯಾಧಿಕಾರಿ ತಿಳಿಸಿದ್ದಾರೆ. ತರಬೇತಿಗೆ ಹಾಜರಾಗಲಿಚ್ಛಿಸುವವರು ತಪ್ಪದೇ ತಮ್ಮ 2 ಪಾಸ್‌ಪೋರ್ಟ್ ಅಳತೆ ಭಾವಚಿತ್ರ, ರೈತರ ಫ್ರೂಟ್ ಐಡಿ ಸಂಖ್ಯೆ, ಆಧಾರ್ ಕಾರ್ಡ್, ಜಾತಿ ಪ್ರಮಾಣ ಪತ್ರ (ಪರಿಶಿಷ್ಟ ಜಾತಿ ಮತ್ತು ಪರಿಶಿಷ್ಟ ಪಂಗಡದವರಿಗೆ ಮಾತ್ರ) ದಾಖಲೆಗಳನ್ನು ಕಡ್ಡಾಯವಾಗಿ ತರಬೇಕು. ಹೆಚ್ಚಿನ ಮಾಹಿತಿಗಾಗಿ ಹತ್ತಿರದ ಪಶು ವೈದ್ಯಕೀಯ ಸಂಸ್ಥೆ/ ದೂರವಾಣಿ ಸಂಖ್ಯೆ 0816-2251214ನ್ನು ಸಂಪರ್ಕಿಸಬಹುದು ಎಂದು ಅವರು ಪ್ರಕಟಣೆಯಲ್ಲಿ ತಿಳಿಸಿದ್ದಾರೆ.
